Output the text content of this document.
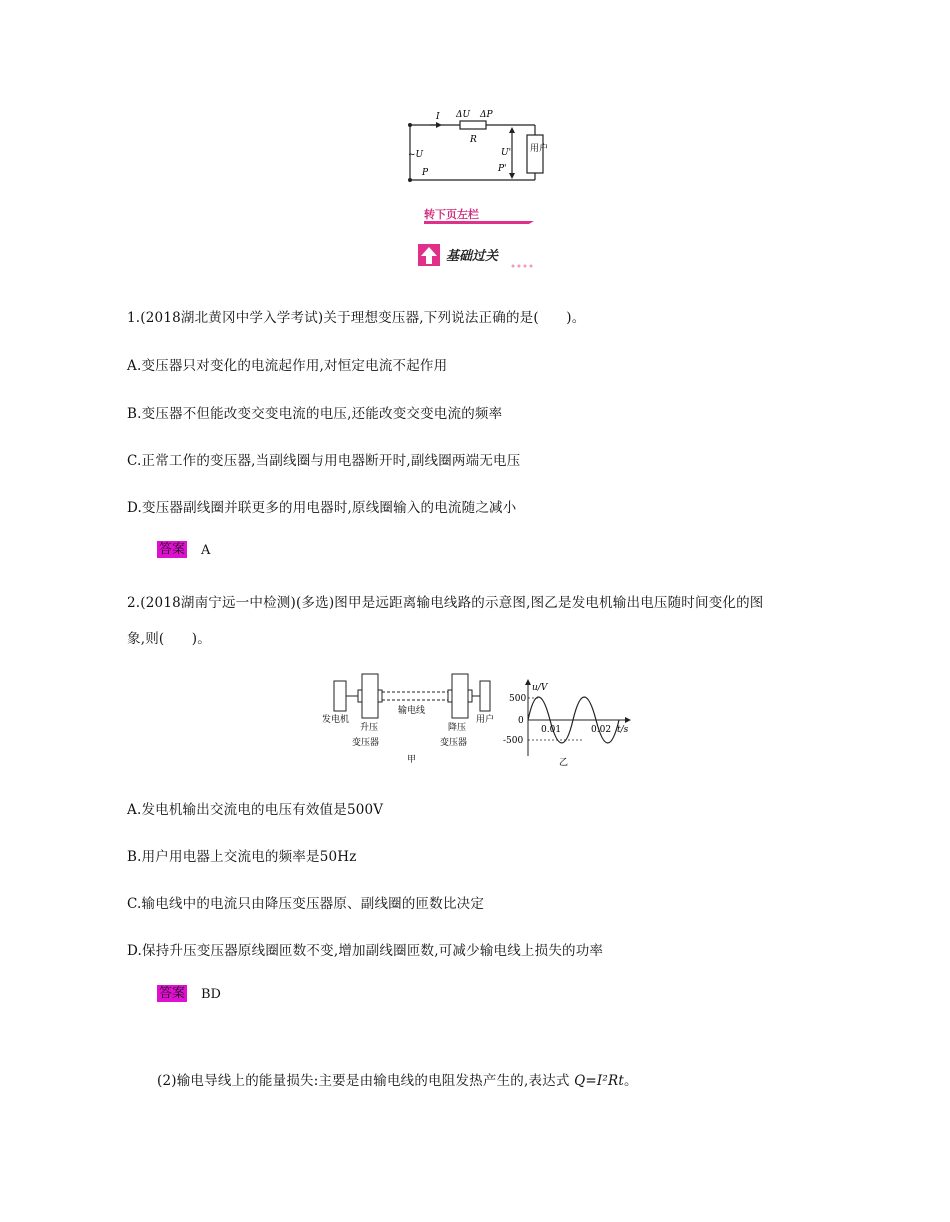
I ΔU ΔP
R
~U
P
U'
P'
用户
转下页左栏
基础过关
1.(2018湖北黄冈中学入学考试)关于理想变压器,下列说法正确的是(　　)。
A.变压器只对变化的电流起作用,对恒定电流不起作用
B.变压器不但能改变交变电流的电压,还能改变交变电流的频率
C.正常工作的变压器,当副线圈与用电器断开时,副线圈两端无电压
D.变压器副线圈并联更多的用电器时,原线圈输入的电流随之减小
答案 A
2.(2018湖南宁远一中检测)(多选)图甲是远距离输电线路的示意图,图乙是发电机输出电压随时间变化的图
象,则(　　)。
发电机
升压
变压器
输电线
降压
变压器
用户
甲
u/V
500
0
-500
0.01	0.02 t/s
乙
A.发电机输出交流电的电压有效值是500V
B.用户用电器上交流电的频率是50Hz
C.输电线中的电流只由降压变压器原、副线圈的匝数比决定
D.保持升压变压器原线圈匝数不变,增加副线圈匝数,可减少输电线上损失的功率
答案 BD
(2)输电导线上的能量损失:主要是由输电线的电阻发热产生的,表达式 Q=I²Rt。
